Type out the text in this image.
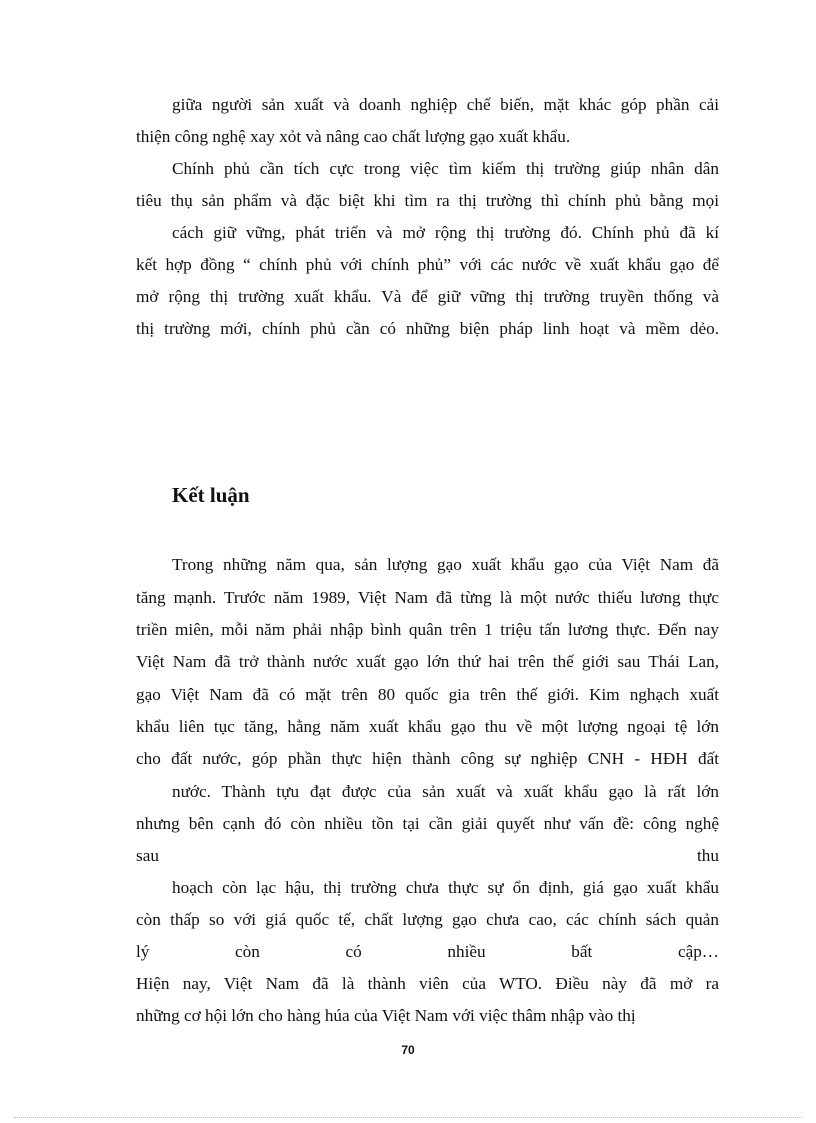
giữa người sản xuất và doanh nghiệp chế biến, mặt khác góp phần cải
thiện công nghệ xay xỏt và nâng cao chất lượng gạo xuất khẩu.
Chính phủ cần tích cực trong việc tìm kiếm thị trường giúp nhân dân
tiêu thụ sản phẩm và đặc biệt khi tìm ra thị trường thì chính phủ bằng mọi
cách giữ vững, phát triển và mở rộng thị trường đó. Chính phủ đã kí
kết hợp đồng “ chính phủ với chính phủ” với các nước về xuất khẩu gạo để
mở rộng thị trường xuất khẩu. Và để giữ vững thị trường truyền thống và
thị trường mới, chính phủ cần có những biện pháp linh hoạt và mềm dẻo.
Kết luận
Trong những năm qua, sản lượng gạo xuất khẩu gạo của Việt Nam đã
tăng mạnh. Trước năm 1989, Việt Nam đã từng là một nước thiếu lương thực
triền miên, mỗi năm phải nhập bình quân trên 1 triệu tấn lương thực. Đến nay
Việt Nam đã trở thành nước xuất gạo lớn thứ hai trên thế giới sau Thái Lan,
gạo Việt Nam đã có mặt trên 80 quốc gia trên thế giới. Kim nghạch xuất
khẩu liên tục tăng, hằng năm xuất khẩu gạo thu về một lượng ngoại tệ lớn
cho đất nước, góp phần thực hiện thành công sự nghiệp CNH - HĐH đất
nước. Thành tựu đạt được của sản xuất và xuất khẩu gạo là rất lớn
nhưng bên cạnh đó còn nhiều tồn tại cần giải quyết như vấn đề: công nghệ
sau thu
hoạch còn lạc hậu, thị trường chưa thực sự ổn định, giá gạo xuất khẩu
còn thấp so với giá quốc tế, chất lượng gạo chưa cao, các chính sách quản
lý còn có nhiều bất cập…
Hiện nay, Việt Nam đã là thành viên của WTO. Điều này đã mở ra
những cơ hội lớn cho hàng húa của Việt Nam với việc thâm nhập vào thị
70
